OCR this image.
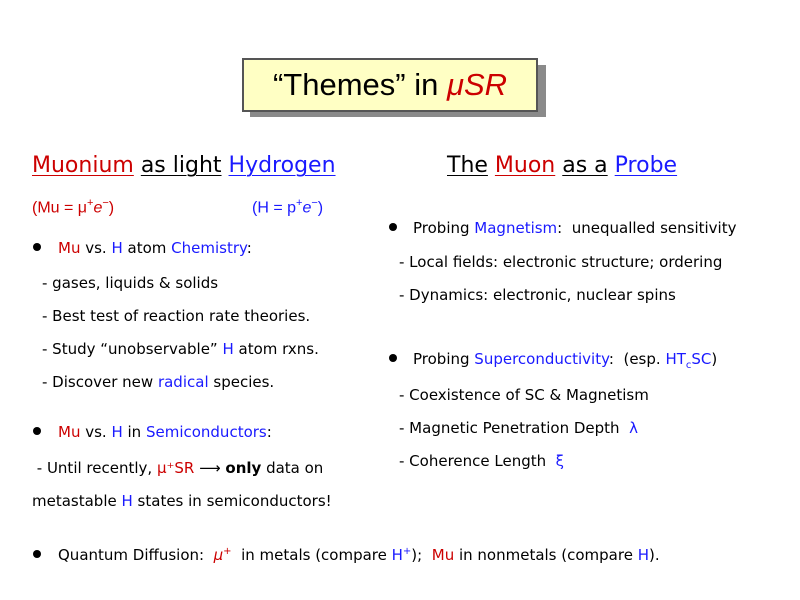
“Themes” in μSR
Muonium as light Hydrogen
(Mu = μ+e−)	(H = p+e−)
Mu vs. H atom Chemistry:
- gases, liquids & solids
- Best test of reaction rate theories.
- Study “unobservable” H atom rxns.
- Discover new radical species.
Mu vs. H in Semiconductors:
- Until recently, μ⁺SR ⟶ only data on
metastable H states in semiconductors!
The Muon as a Probe
Probing Magnetism:  unequalled sensitivity
- Local fields: electronic structure; ordering
- Dynamics: electronic, nuclear spins
Probing Superconductivity:  (esp. $HT_cSC$)
- Coexistence of SC & Magnetism
- Magnetic Penetration Depth  λ
- Coherence Length  ξ
Quantum Diffusion:  μ+  in metals (compare H+);  Mu in nonmetals (compare H).
